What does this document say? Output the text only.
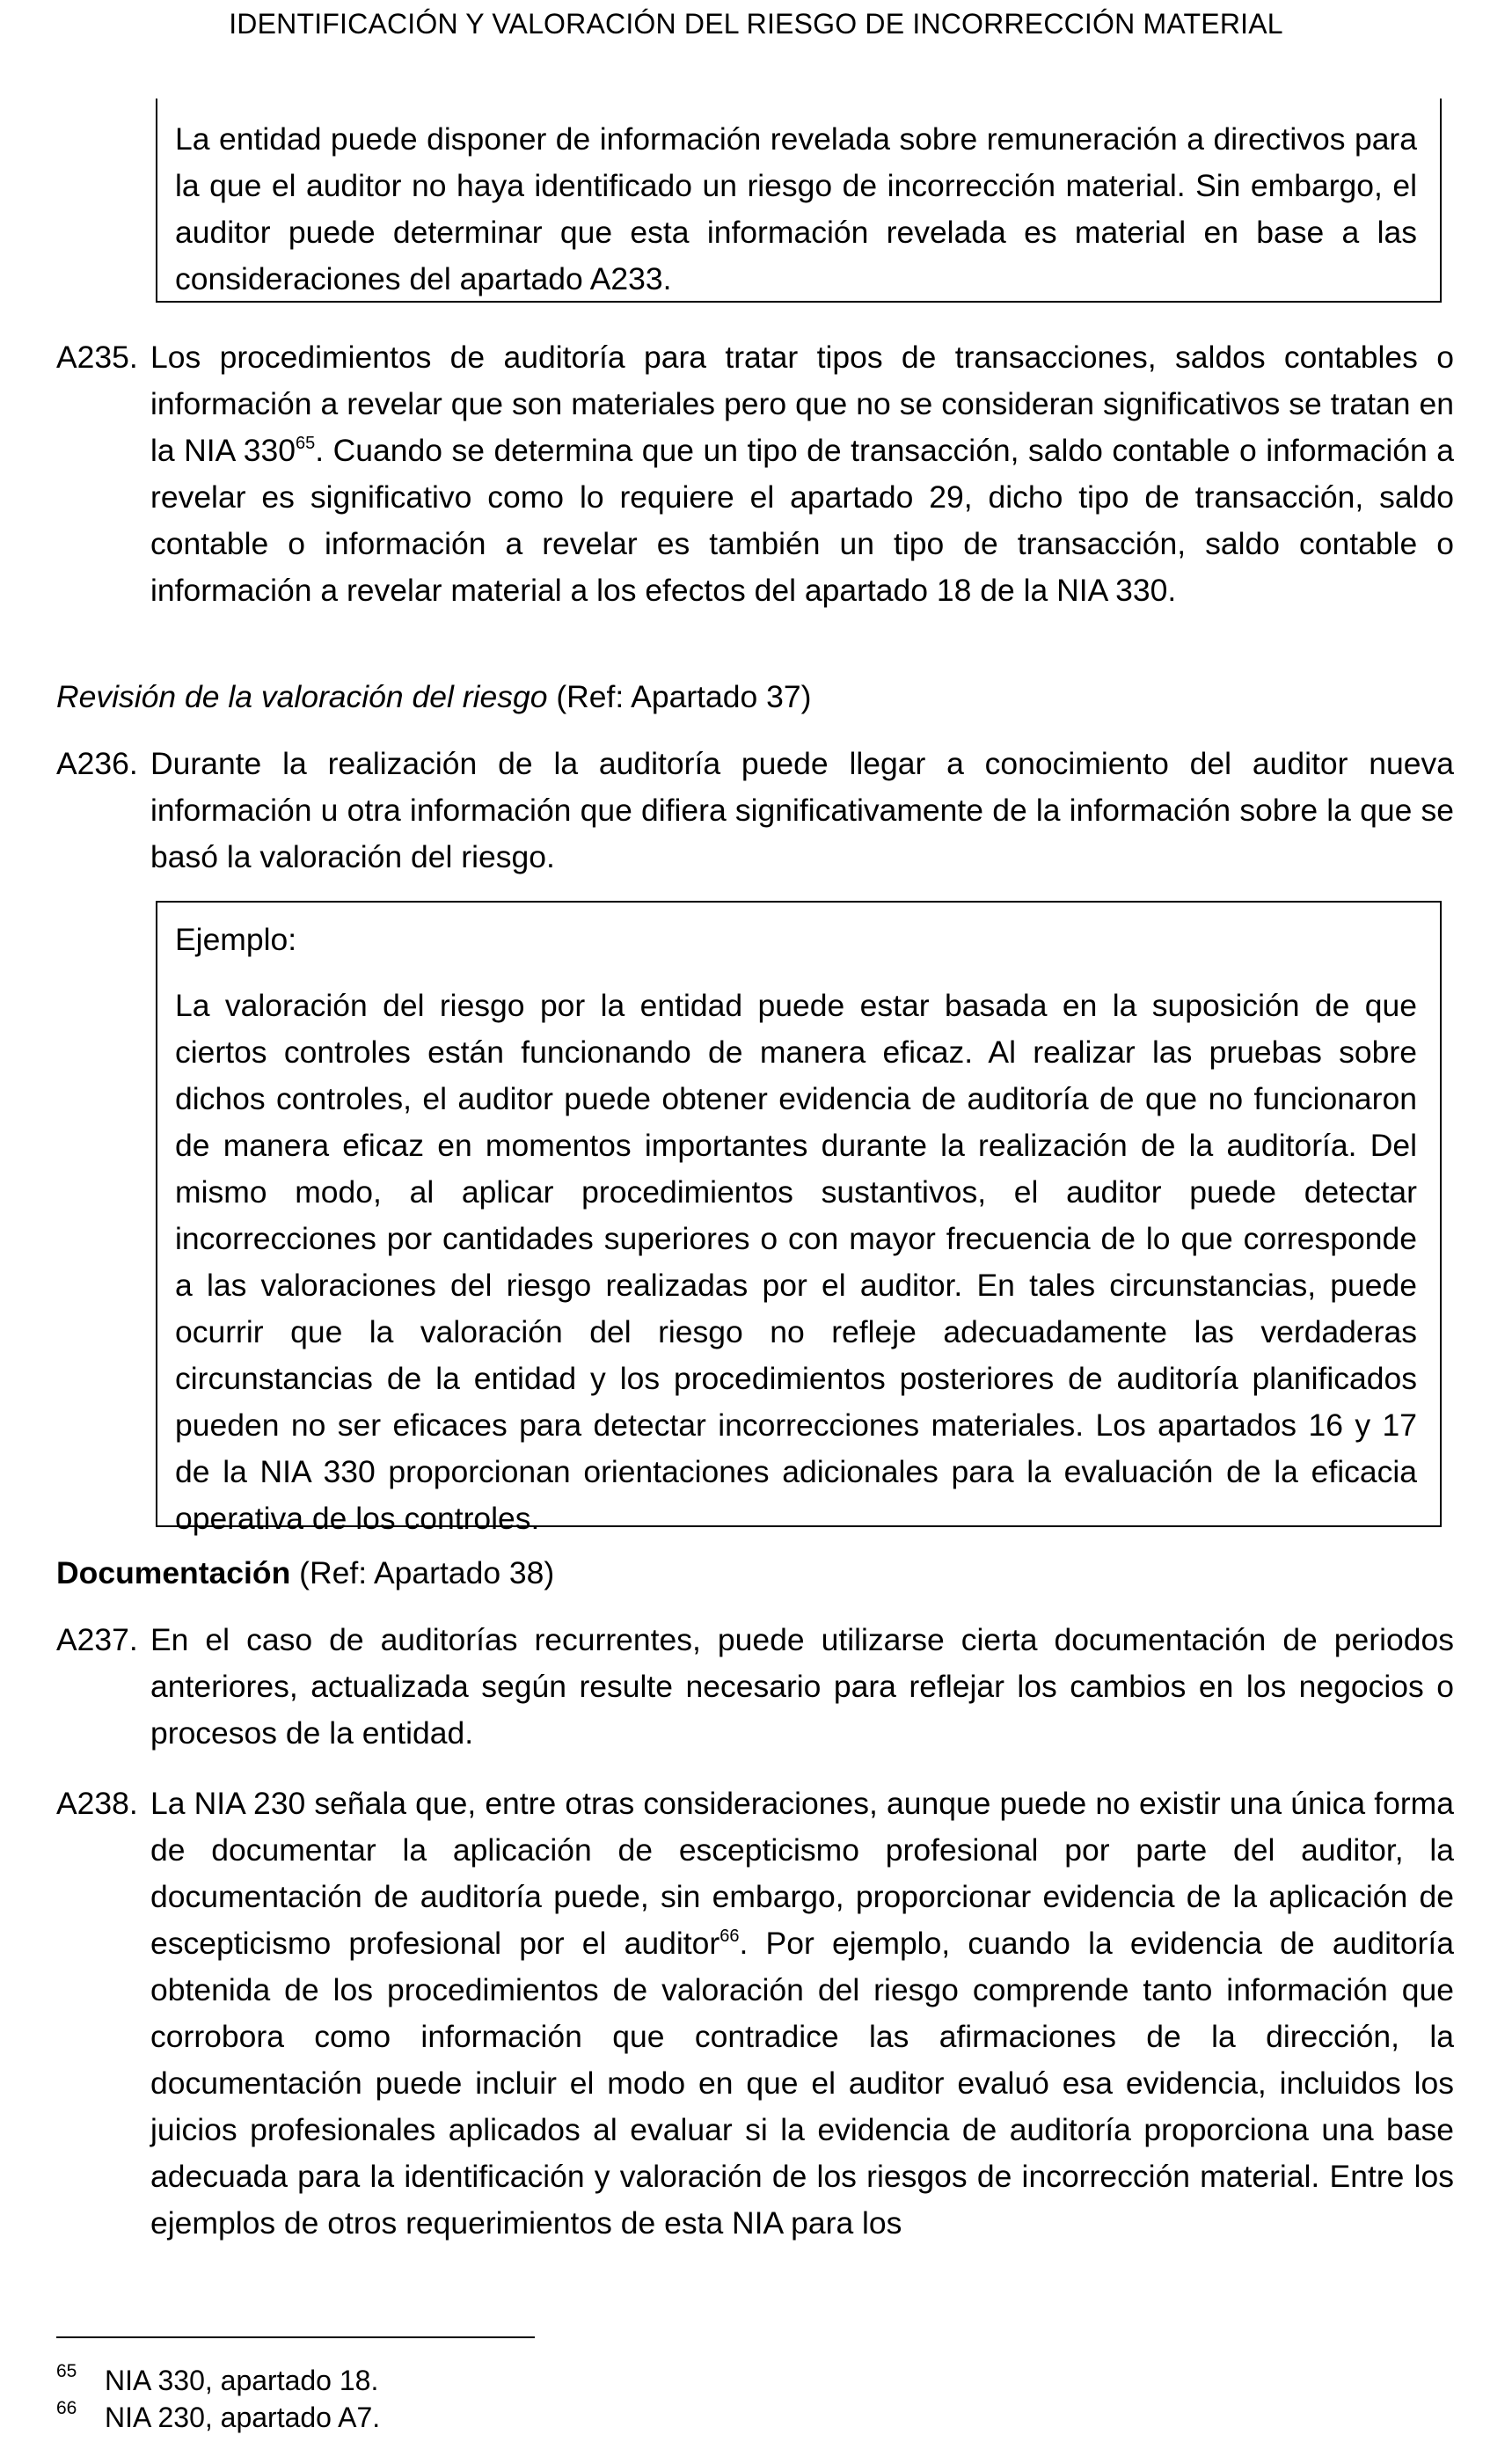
IDENTIFICACIÓN Y VALORACIÓN DEL RIESGO DE INCORRECCIÓN MATERIAL

La entidad puede disponer de información revelada sobre remuneración a directivos para la que el auditor no haya identificado un riesgo de incorrección material. Sin embargo, el auditor puede determinar que esta información revelada es material en base a las consideraciones del apartado A233.

A235. Los procedimientos de auditoría para tratar tipos de transacciones, saldos contables o información a revelar que son materiales pero que no se consideran significativos se tratan en la NIA $330^{65}$. Cuando se determina que un tipo de transacción, saldo contable o información a revelar es significativo como lo requiere el apartado 29, dicho tipo de transacción, saldo contable o información a revelar es también un tipo de transacción, saldo contable o información a revelar material a los efectos del apartado 18 de la NIA 330.

Revisión de la valoración del riesgo (Ref: Apartado 37)

A236. Durante la realización de la auditoría puede llegar a conocimiento del auditor nueva información u otra información que difiera significativamente de la información sobre la que se basó la valoración del riesgo.

Ejemplo:

La valoración del riesgo por la entidad puede estar basada en la suposición de que ciertos controles están funcionando de manera eficaz. Al realizar las pruebas sobre dichos controles, el auditor puede obtener evidencia de auditoría de que no funcionaron de manera eficaz en momentos importantes durante la realización de la auditoría. Del mismo modo, al aplicar procedimientos sustantivos, el auditor puede detectar incorrecciones por cantidades superiores o con mayor frecuencia de lo que corresponde a las valoraciones del riesgo realizadas por el auditor. En tales circunstancias, puede ocurrir que la valoración del riesgo no refleje adecuadamente las verdaderas circunstancias de la entidad y los procedimientos posteriores de auditoría planificados pueden no ser eficaces para detectar incorrecciones materiales. Los apartados 16 y 17 de la NIA 330 proporcionan orientaciones adicionales para la evaluación de la eficacia operativa de los controles.

Documentación (Ref: Apartado 38)

A237. En el caso de auditorías recurrentes, puede utilizarse cierta documentación de periodos anteriores, actualizada según resulte necesario para reflejar los cambios en los negocios o procesos de la entidad.

A238. La NIA 230 señala que, entre otras consideraciones, aunque puede no existir una única forma de documentar la aplicación de escepticismo profesional por parte del auditor, la documentación de auditoría puede, sin embargo, proporcionar evidencia de la aplicación de escepticismo profesional por el auditor$^{66}$. Por ejemplo, cuando la evidencia de auditoría obtenida de los procedimientos de valoración del riesgo comprende tanto información que corrobora como información que contradice las afirmaciones de la dirección, la documentación puede incluir el modo en que el auditor evaluó esa evidencia, incluidos los juicios profesionales aplicados al evaluar si la evidencia de auditoría proporciona una base adecuada para la identificación y valoración de los riesgos de incorrección material. Entre los ejemplos de otros requerimientos de esta NIA para los

65 NIA 330, apartado 18.
66 NIA 230, apartado A7.
